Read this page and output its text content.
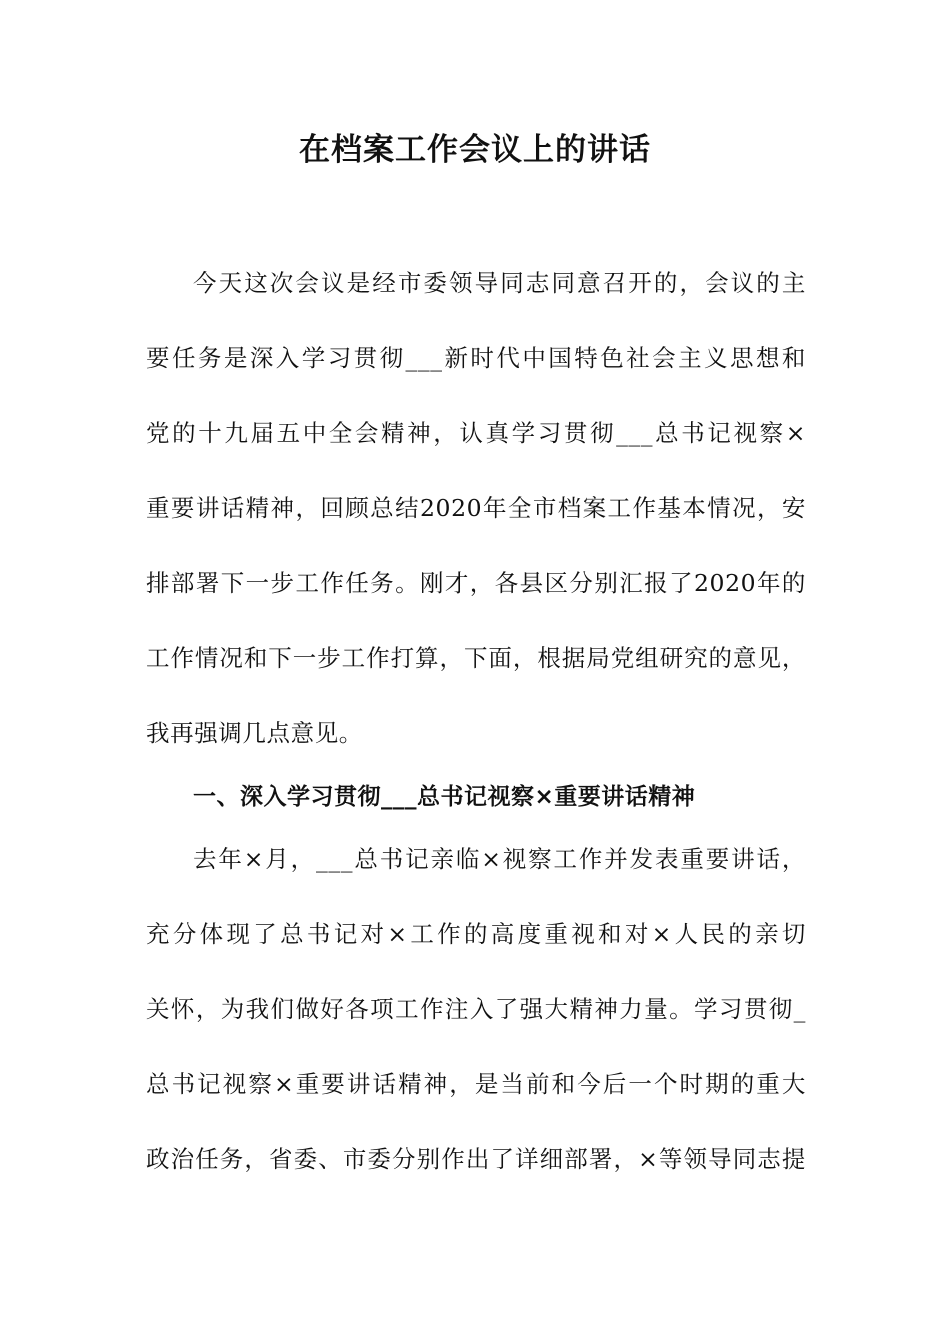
在档案工作会议上的讲话
今天这次会议是经市委领导同志同意召开的，会议的主
要任务是深入学习贯彻___新时代中国特色社会主义思想和
党的十九届五中全会精神，认真学习贯彻___总书记视察×
重要讲话精神，回顾总结2020年全市档案工作基本情况，安
排部署下一步工作任务。刚才，各县区分别汇报了2020年的
工作情况和下一步工作打算，下面，根据局党组研究的意见，
我再强调几点意见。
一、深入学习贯彻___总书记视察×重要讲话精神
去年×月，___总书记亲临×视察工作并发表重要讲话，
充分体现了总书记对×工作的高度重视和对×人民的亲切
关怀，为我们做好各项工作注入了强大精神力量。学习贯彻_
总书记视察×重要讲话精神，是当前和今后一个时期的重大
政治任务，省委、市委分别作出了详细部署，×等领导同志提
